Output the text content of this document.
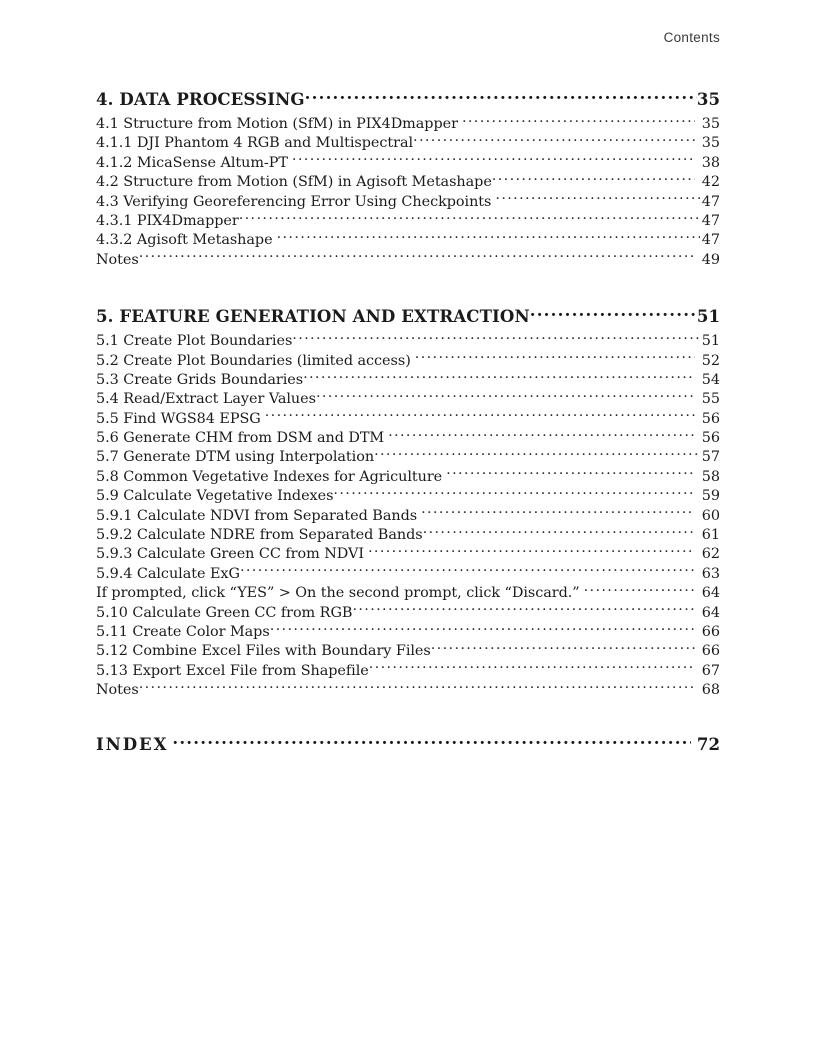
Contents
4. DATA PROCESSING .....	35
4.1 Structure from Motion (SfM) in PIX4Dmapper .....	35
4.1.1 DJI Phantom 4 RGB and Multispectral .....	35
4.1.2 MicaSense Altum-PT .....	38
4.2 Structure from Motion (SfM) in Agisoft Metashape .....	42
4.3 Verifying Georeferencing Error Using Checkpoints .....	47
4.3.1 PIX4Dmapper .....	47
4.3.2 Agisoft Metashape .....	47
Notes .....	49
5. FEATURE GENERATION AND EXTRACTION .....	51
5.1 Create Plot Boundaries .....	51
5.2 Create Plot Boundaries (limited access) .....	52
5.3 Create Grids Boundaries .....	54
5.4 Read/Extract Layer Values .....	55
5.5 Find WGS84 EPSG .....	56
5.6 Generate CHM from DSM and DTM .....	56
5.7 Generate DTM using Interpolation .....	57
5.8 Common Vegetative Indexes for Agriculture .....	58
5.9 Calculate Vegetative Indexes .....	59
5.9.1 Calculate NDVI from Separated Bands .....	60
5.9.2 Calculate NDRE from Separated Bands .....	61
5.9.3 Calculate Green CC from NDVI .....	62
5.9.4 Calculate ExG .....	63
If prompted, click “YES” > On the second prompt, click “Discard.” .....	64
5.10 Calculate Green CC from RGB .....	64
5.11 Create Color Maps .....	66
5.12 Combine Excel Files with Boundary Files .....	66
5.13 Export Excel File from Shapefile .....	67
Notes .....	68
INDEX .....	72
